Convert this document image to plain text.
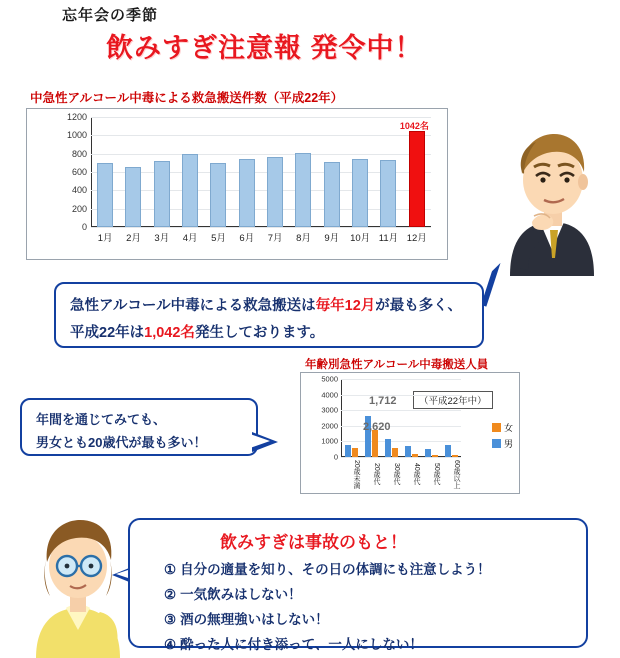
忘年会の季節
飲みすぎ注意報 発令中！
中急性アルコール中毒による救急搬送件数（平成22年）
0
200
400
600
800
1000
1200
1月	2月	3月	4月	5月	6月	7月	8月	9月	10月 11月 12月
1042名
急性アルコール中毒による救急搬送は毎年12月が最も多く、
平成22年は1,042名発生しております。
年齢別急性アルコール中毒搬送人員
（平成22年中）
0
1000
2000
3000
4000
5000
20歳未満	20歳代	30歳代	40歳代	50歳代	60歳以上
1,712
2,620	女
男
年間を通じてみても、
男女とも20歳代が最も多い！
飲みすぎは事故のもと！
① 自分の適量を知り、その日の体調にも注意しよう！
② 一気飲みはしない！
③ 酒の無理強いはしない！
④ 酔った人に付き添って、一人にしない！
